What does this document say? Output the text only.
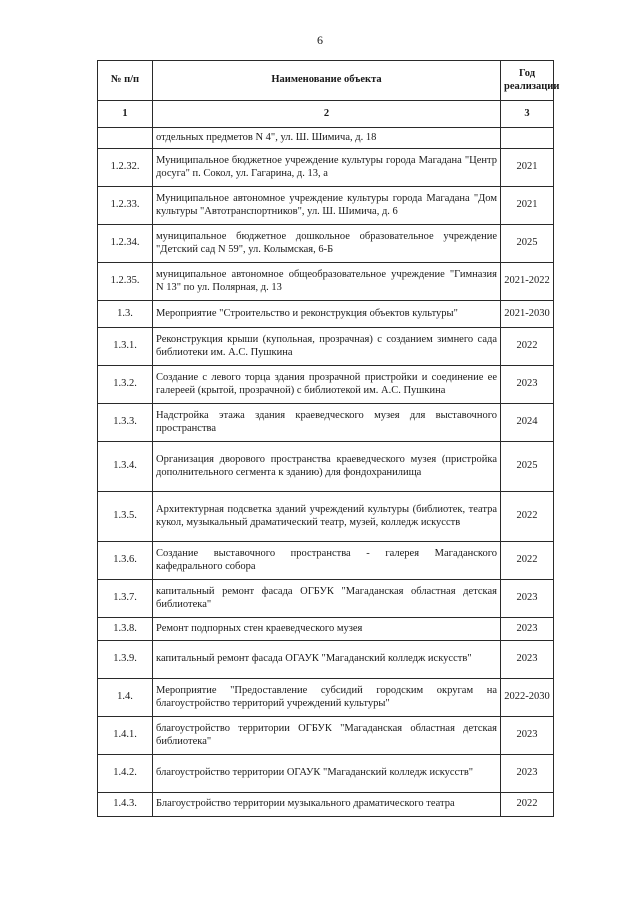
6
№ п/п	Наименование объекта	Год реализации
1	2	3
	отдельных предметов N 4", ул. Ш. Шимича, д. 18	
1.2.32.	Муниципальное бюджетное учреждение культуры города Магадана "Центр досуга" п. Сокол, ул. Гагарина, д. 13, а	2021
1.2.33.	Муниципальное автономное учреждение культуры города Магадана "Дом культуры "Автотранспортников", ул. Ш. Шимича, д. 6	2021
1.2.34.	муниципальное бюджетное дошкольное образовательное учреждение "Детский сад N 59", ул. Колымская, 6-Б	2025
1.2.35.	муниципальное автономное общеобразовательное учреждение "Гимназия N 13" по ул. Полярная, д. 13	2021-2022
1.3.	Мероприятие "Строительство и реконструкция объектов культуры"	2021-2030
1.3.1.	Реконструкция крыши (купольная, прозрачная) с созданием зимнего сада библиотеки им. А.С. Пушкина	2022
1.3.2.	Создание с левого торца здания прозрачной пристройки и соединение ее галереей (крытой, прозрачной) с библиотекой им. А.С. Пушкина	2023
1.3.3.	Надстройка этажа здания краеведческого музея для выставочного пространства	2024
1.3.4.	Организация дворового пространства краеведческого музея (пристройка дополнительного сегмента к зданию) для фондохранилища	2025
1.3.5.	Архитектурная подсветка зданий учреждений культуры (библиотек, театра кукол, музыкальный драматический театр, музей, колледж искусств	2022
1.3.6.	Создание выставочного пространства - галерея Магаданского кафедрального собора	2022
1.3.7.	капитальный ремонт фасада ОГБУК "Магаданская областная детская библиотека"	2023
1.3.8.	Ремонт подпорных стен краеведческого музея	2023
1.3.9.	капитальный ремонт фасада ОГАУК "Магаданский колледж искусств"	2023
1.4.	Мероприятие "Предоставление субсидий городским округам на благоустройство территорий учреждений культуры"	2022-2030
1.4.1.	благоустройство территории ОГБУК "Магаданская областная детская библиотека"	2023
1.4.2.	благоустройство территории ОГАУК "Магаданский колледж искусств"	2023
1.4.3.	Благоустройство территории музыкального драматического театра	2022
